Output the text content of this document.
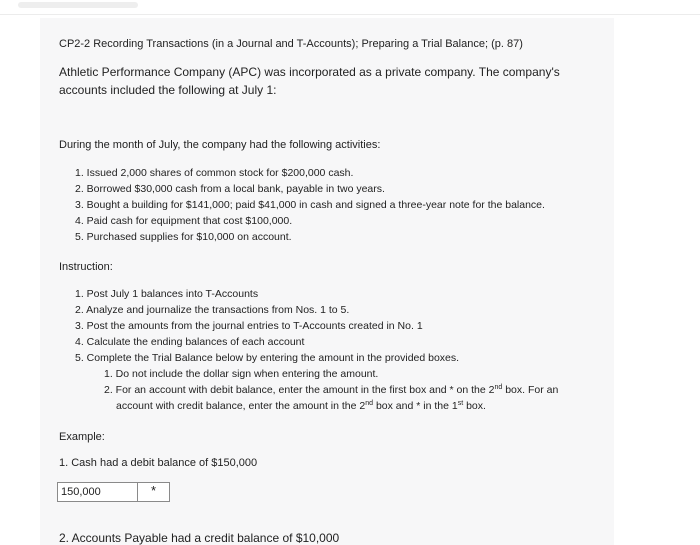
CP2-2 Recording Transactions (in a Journal and T-Accounts); Preparing a Trial Balance; (p. 87)
Athletic Performance Company (APC) was incorporated as a private company. The company's accounts included the following at July 1:
During the month of July, the company had the following activities:
1. Issued 2,000 shares of common stock for $200,000 cash.
2. Borrowed $30,000 cash from a local bank, payable in two years.
3. Bought a building for $141,000; paid $41,000 in cash and signed a three-year note for the balance.
4. Paid cash for equipment that cost $100,000.
5. Purchased supplies for $10,000 on account.
Instruction:
1. Post July 1 balances into T-Accounts
2. Analyze and journalize the transactions from Nos. 1 to 5.
3. Post the amounts from the journal entries to T-Accounts created in No. 1
4. Calculate the ending balances of each account
5. Complete the Trial Balance below by entering the amount in the provided boxes.
1. Do not include the dollar sign when entering the amount.
2. For an account with debit balance, enter the amount in the first box and * on the 2nd box. For an
account with credit balance, enter the amount in the 2nd box and * in the 1st box.
Example:
1. Cash had a debit balance of $150,000
150,000	*
2. Accounts Payable had a credit balance of $10,000
